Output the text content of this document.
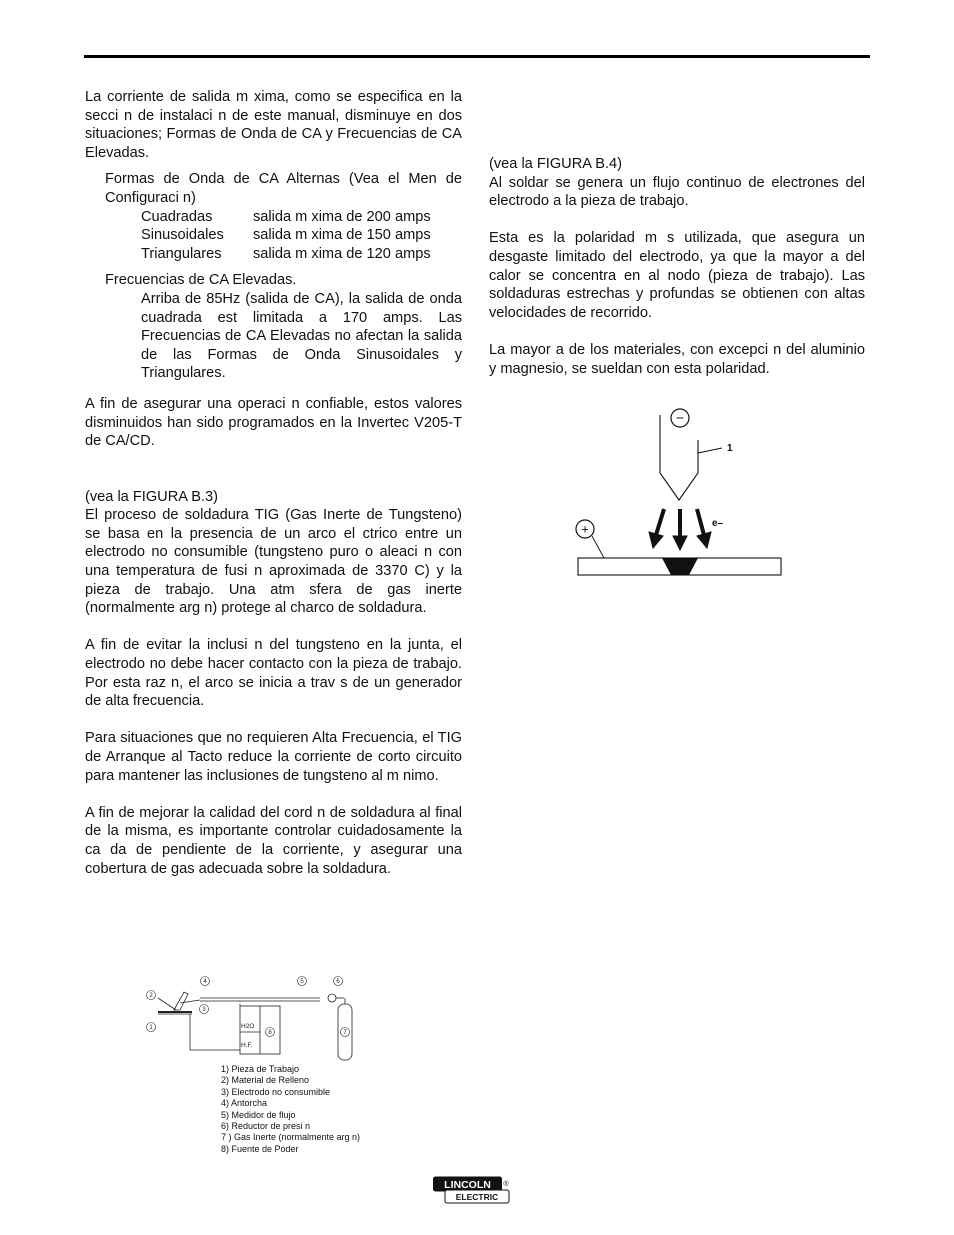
La corriente de salida m xima, como se especifica en la secci n de instalaci n de este manual, disminuye en dos situaciones; Formas de Onda de CA y Frecuencias de CA Elevadas.

Formas de Onda de CA Alternas (Vea el Men de Configuraci n)

Cuadradas	salida m xima de 200 amps
Sinusoidales	salida m xima de 150 amps
Triangulares	salida m xima de 120 amps

Frecuencias de CA Elevadas.

Arriba de 85Hz (salida de CA), la salida de onda cuadrada est limitada a 170 amps. Las Frecuencias de CA Elevadas no afectan la salida de las Formas de Onda Sinusoidales y Triangulares.

A fin de asegurar una operaci n confiable, estos valores disminuidos han sido programados en la Invertec V205-T de CA/CD.

(vea la FIGURA B.3)

El proceso de soldadura TIG (Gas Inerte de Tungsteno) se basa en la presencia de un arco el ctrico entre un electrodo no consumible (tungsteno puro o aleaci n con una temperatura de fusi n aproximada de 3370 C) y la pieza de trabajo. Una atm sfera de gas inerte (normalmente arg n) protege al charco de soldadura.

A fin de evitar la inclusi n del tungsteno en la junta, el electrodo no debe hacer contacto con la pieza de trabajo. Por esta raz n, el arco se inicia a trav s de un generador de alta frecuencia.

Para situaciones que no requieren Alta Frecuencia, el TIG de Arranque al Tacto reduce la corriente de corto circuito para mantener las inclusiones de tungsteno al m nimo.

A fin de mejorar la calidad del cord n de soldadura al final de la misma, es importante controlar cuidadosamente la ca da de pendiente de la corriente, y asegurar una cobertura de gas adecuada sobre la soldadura.

(vea la FIGURA B.4)

Al soldar se genera un flujo continuo de electrones del electrodo a la pieza de trabajo.

Esta es la polaridad m s utilizada, que asegura un desgaste limitado del electrodo, ya que la mayor a del calor se concentra en al nodo (pieza de trabajo). Las soldaduras estrechas y profundas se obtienen con altas velocidades de recorrido.

La mayor a de los materiales, con excepci n del aluminio y magnesio, se sueldan con esta polaridad.

H2O
H.F.
1
2
3
4	5	6
7
8
1) Pieza de Trabajo
2) Material de Relleno
3) Electrodo no consumible
4) Antorcha
5) Medidor de flujo
6) Reductor de presi n
7 ) Gas Inerte (normalmente arg n)
8) Fuente de Poder
−
1
e–
+
LINCOLN
ELECTRIC
®
